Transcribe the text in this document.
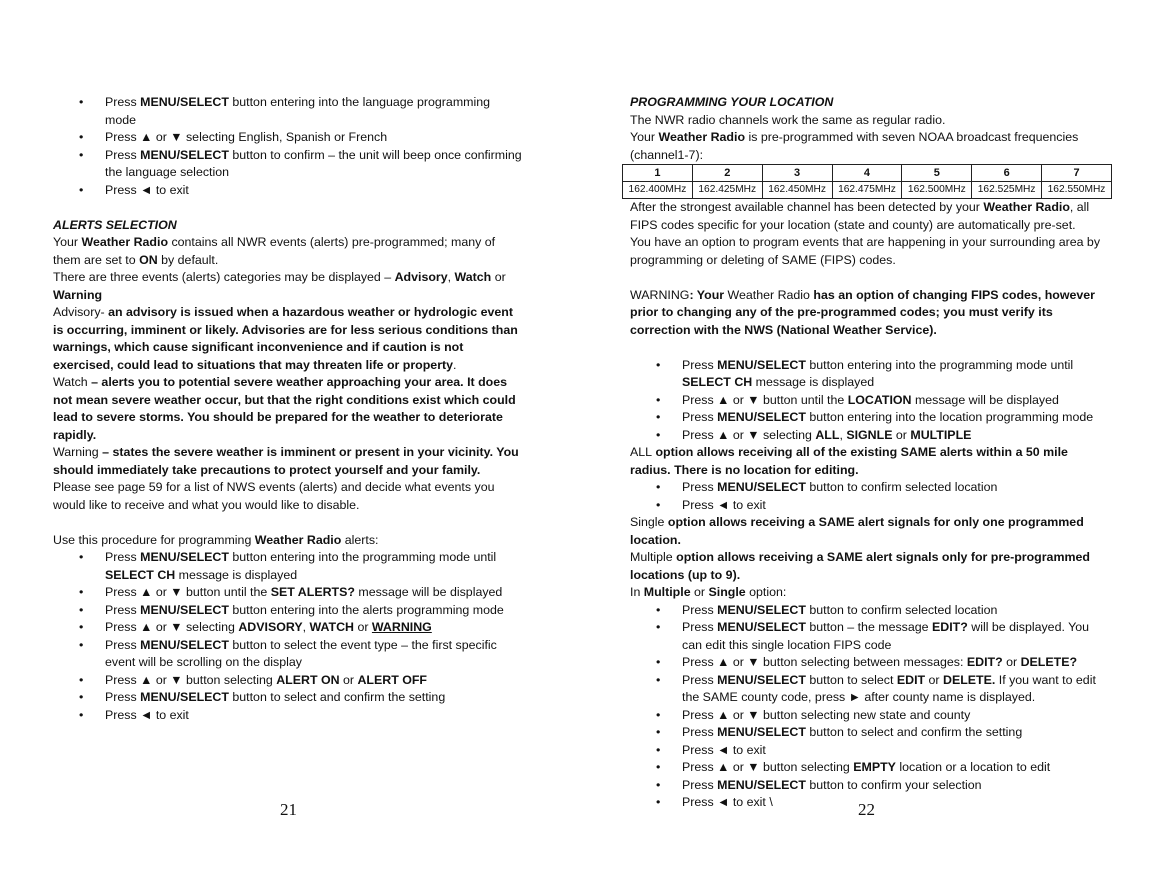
• Press MENU/SELECT button entering into the language programming mode
• Press ▲ or ▼ selecting English, Spanish or French
• Press MENU/SELECT button to confirm – the unit will beep once confirming the language selection
• Press ◄ to exit

ALERTS SELECTION

Your Weather Radio contains all NWR events (alerts) pre-programmed; many of them are set to ON by default.

There are three events (alerts) categories may be displayed – Advisory, Watch or Warning

Advisory- an advisory is issued when a hazardous weather or hydrologic event is occurring, imminent or likely. Advisories are for less serious conditions than warnings, which cause significant inconvenience and if caution is not exercised, could lead to situations that may threaten life or property.

Watch – alerts you to potential severe weather approaching your area. It does not mean severe weather occur, but that the right conditions exist which could lead to severe storms. You should be prepared for the weather to deteriorate rapidly.

Warning – states the severe weather is imminent or present in your vicinity. You should immediately take precautions to protect yourself and your family.

Please see page 59 for a list of NWS events (alerts) and decide what events you would like to receive and what you would like to disable.

Use this procedure for programming Weather Radio alerts:

• Press MENU/SELECT button entering into the programming mode until SELECT CH message is displayed
• Press ▲ or ▼ button until the SET ALERTS? message will be displayed
• Press MENU/SELECT button entering into the alerts programming mode
• Press ▲ or ▼ selecting ADVISORY, WATCH or WARNING
• Press MENU/SELECT button to select the event type – the first specific event will be scrolling on the display
• Press ▲ or ▼ button selecting ALERT ON or ALERT OFF
• Press MENU/SELECT button to select and confirm the setting
• Press ◄ to exit
21

PROGRAMMING YOUR LOCATION

The NWR radio channels work the same as regular radio.

Your Weather Radio is pre-programmed with seven NOAA broadcast frequencies (channel1-7):

1	2	3	4	5	6	7
162.400MHz	162.425MHz	162.450MHz	162.475MHz	162.500MHz	162.525MHz	162.550MHz

After the strongest available channel has been detected by your Weather Radio, all FIPS codes specific for your location (state and county) are automatically pre-set.

You have an option to program events that are happening in your surrounding area by programming or deleting of SAME (FIPS) codes.

WARNING: Your Weather Radio has an option of changing FIPS codes, however prior to changing any of the pre-programmed codes; you must verify its correction with the NWS (National Weather Service).

• Press MENU/SELECT button entering into the programming mode until SELECT CH message is displayed
• Press ▲ or ▼ button until the LOCATION message will be displayed
• Press MENU/SELECT button entering into the location programming mode
• Press ▲ or ▼ selecting ALL, SIGNLE or MULTIPLE

ALL option allows receiving all of the existing SAME alerts within a 50 mile radius. There is no location for editing.

• Press MENU/SELECT button to confirm selected location
• Press ◄ to exit

Single option allows receiving a SAME alert signals for only one programmed location.

Multiple option allows receiving a SAME alert signals only for pre-programmed locations (up to 9).

In Multiple or Single option:

• Press MENU/SELECT button to confirm selected location
• Press MENU/SELECT button – the message EDIT? will be displayed. You can edit this single location FIPS code
• Press ▲ or ▼ button selecting between messages: EDIT? or DELETE?
• Press MENU/SELECT button to select EDIT or DELETE. If you want to edit the SAME county code, press ► after county name is displayed.
• Press ▲ or ▼ button selecting new state and county
• Press MENU/SELECT button to select and confirm the setting
• Press ◄ to exit
• Press ▲ or ▼ button selecting EMPTY location or a location to edit
• Press MENU/SELECT button to confirm your selection
• Press ◄ to exit \	22
